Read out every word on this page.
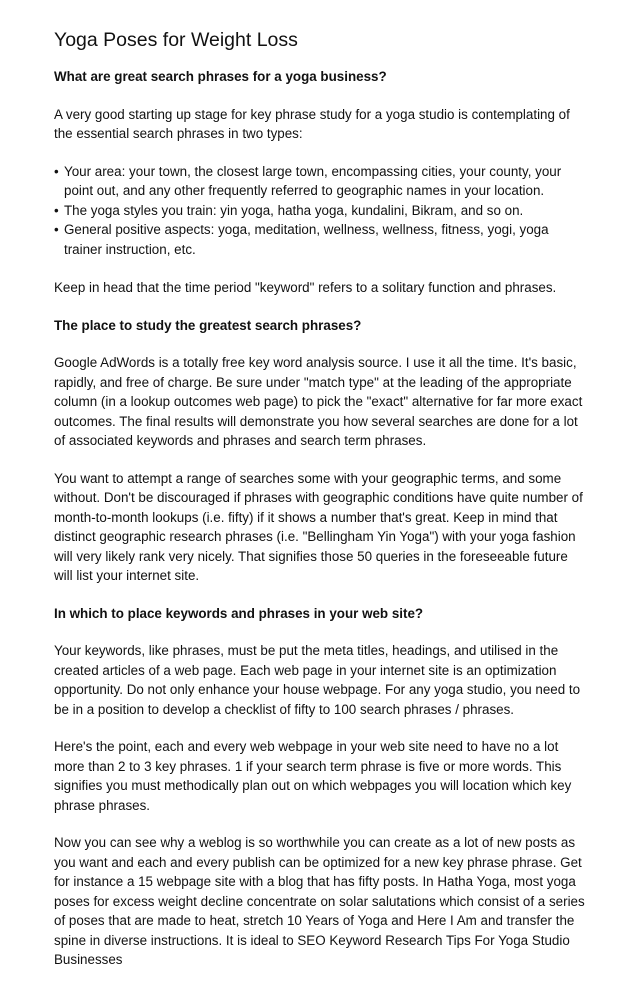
Yoga Poses for Weight Loss
What are great search phrases for a yoga business?
A very good starting up stage for key phrase study for a yoga studio is contemplating of the essential search phrases in two types:
• Your area: your town, the closest large town, encompassing cities, your county, your point out, and any other frequently referred to geographic names in your location.
• The yoga styles you train: yin yoga, hatha yoga, kundalini, Bikram, and so on.
• General positive aspects: yoga, meditation, wellness, wellness, fitness, yogi, yoga trainer instruction, etc.
Keep in head that the time period "keyword" refers to a solitary function and phrases.
The place to study the greatest search phrases?
Google AdWords is a totally free key word analysis source. I use it all the time. It's basic, rapidly, and free of charge. Be sure under "match type" at the leading of the appropriate column (in a lookup outcomes web page) to pick the "exact" alternative for far more exact outcomes. The final results will demonstrate you how several searches are done for a lot of associated keywords and phrases and search term phrases.
You want to attempt a range of searches some with your geographic terms, and some without. Don't be discouraged if phrases with geographic conditions have quite number of month-to-month lookups (i.e. fifty) if it shows a number that's great. Keep in mind that distinct geographic research phrases (i.e. "Bellingham Yin Yoga") with your yoga fashion will very likely rank very nicely. That signifies those 50 queries in the foreseeable future will list your internet site.
In which to place keywords and phrases in your web site?
Your keywords, like phrases, must be put the meta titles, headings, and utilised in the created articles of a web page. Each web page in your internet site is an optimization opportunity. Do not only enhance your house webpage. For any yoga studio, you need to be in a position to develop a checklist of fifty to 100 search phrases / phrases.
Here's the point, each and every web webpage in your web site need to have no a lot more than 2 to 3 key phrases. 1 if your search term phrase is five or more words. This signifies you must methodically plan out on which webpages you will location which key phrase phrases.
Now you can see why a weblog is so worthwhile you can create as a lot of new posts as you want and each and every publish can be optimized for a new key phrase phrase. Get for instance a 15 webpage site with a blog that has fifty posts. In Hatha Yoga, most yoga poses for excess weight decline concentrate on solar salutations which consist of a series of poses that are made to heat, stretch 10 Years of Yoga and Here I Am and transfer the spine in diverse instructions. It is ideal to SEO Keyword Research Tips For Yoga Studio Businesses
